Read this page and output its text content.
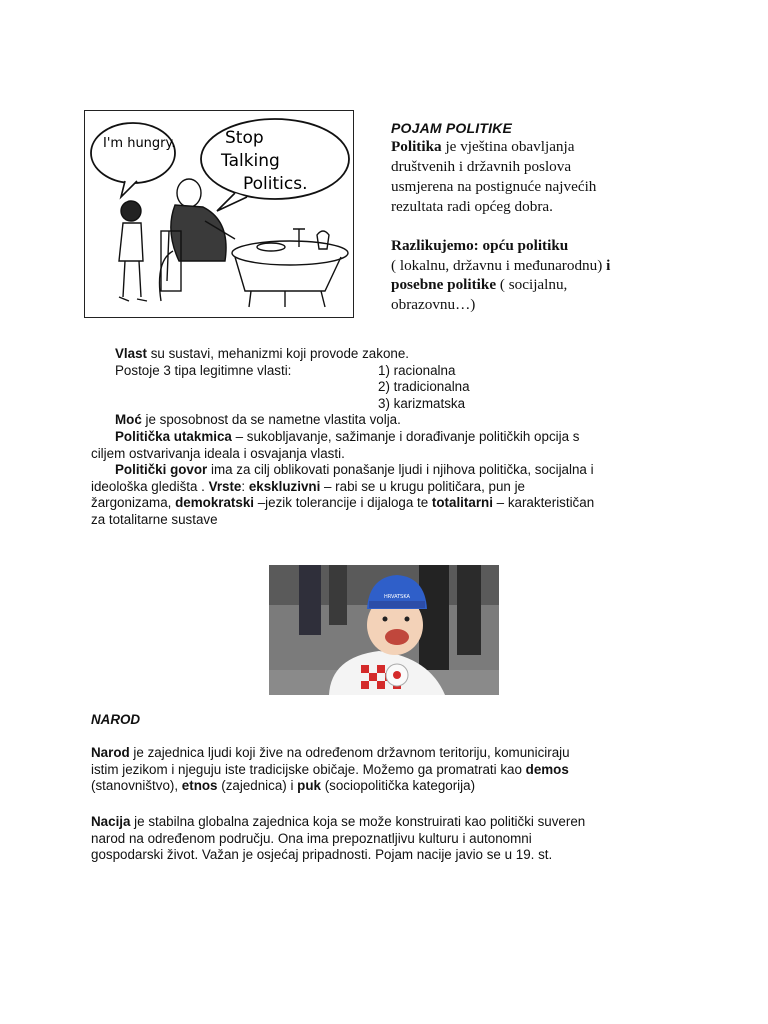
I'm hungry.	Stop Talking Politics.
POJAM POLITIKE
Politika je vještina obavljanja
društvenih i državnih poslova
usmjerena na postignuće najvećih
rezultata radi općeg dobra.
Razlikujemo: opću politiku
( lokalnu, državnu i međunarodnu) i
posebne politike ( socijalnu,
obrazovnu…)
Vlast su sustavi, mehanizmi koji provode zakone.
Postoje 3 tipa legitimne vlasti:	1) racionalna
2) tradicionalna
3) karizmatska
Moć je sposobnost da se nametne vlastita volja.
Politička utakmica – sukobljavanje, sažimanje i dorađivanje političkih opcija s
ciljem ostvarivanja ideala i osvajanja vlasti.
Politički govor ima za cilj oblikovati ponašanje ljudi i njihova politička, socijalna i
ideološka gledišta . Vrste: ekskluzivni – rabi se u krugu političara, pun je
žargonizama, demokratski –jezik tolerancije i dijaloga te totalitarni – karakterističan
za totalitarne sustave
HRVATSKA
NAROD
Narod je zajednica ljudi koji žive na određenom državnom teritoriju, komuniciraju
istim jezikom i njeguju iste tradicijske običaje. Možemo ga promatrati kao demos
(stanovništvo), etnos (zajednica) i puk (sociopolitička kategorija)
Nacija je stabilna globalna zajednica koja se može konstruirati kao politički suveren
narod na određenom području. Ona ima prepoznatljivu kulturu i autonomni
gospodarski život. Važan je osjećaj pripadnosti. Pojam nacije javio se u 19. st.
